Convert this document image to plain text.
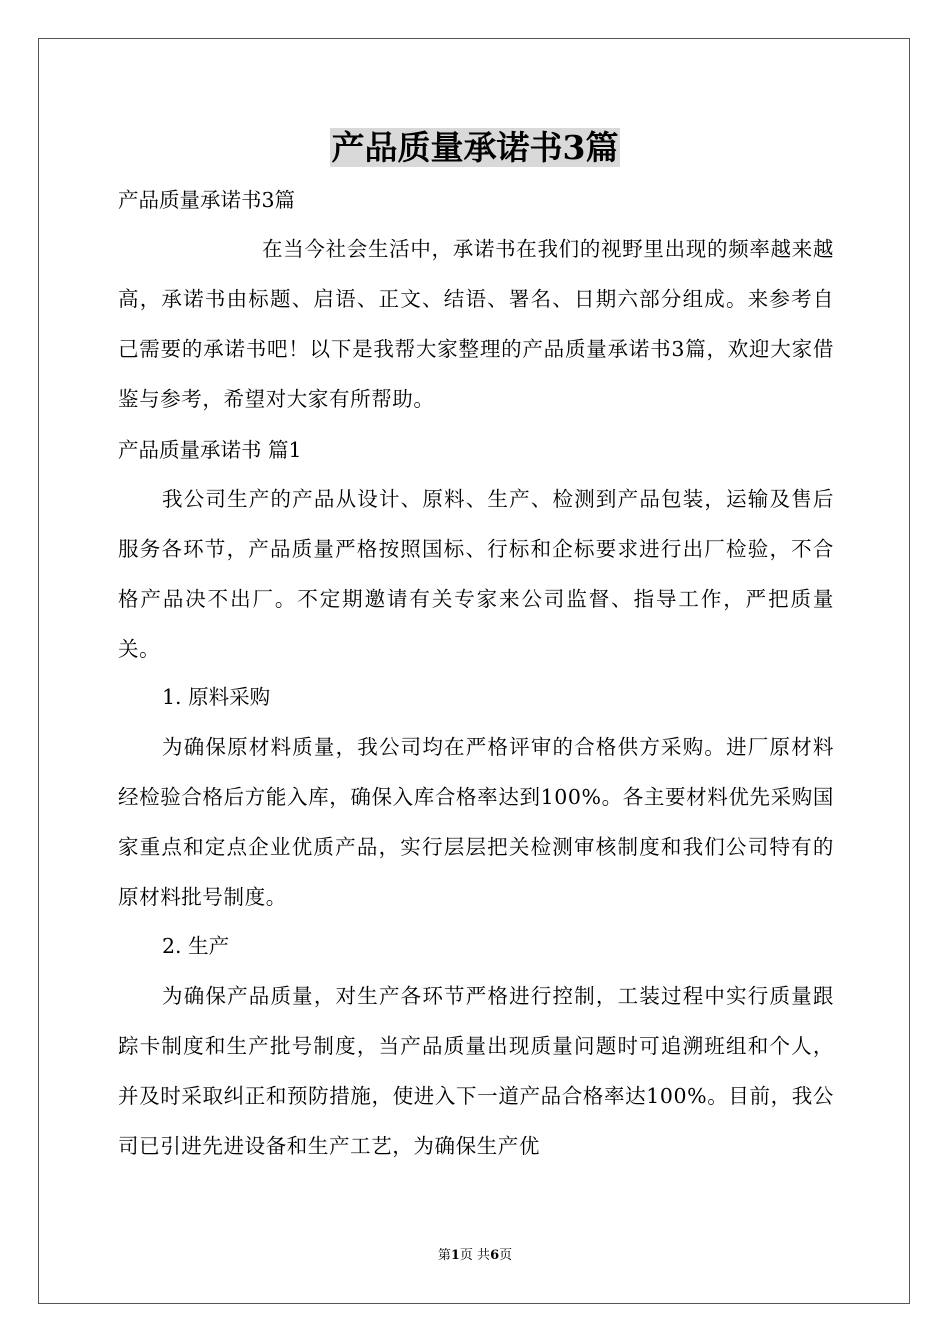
产品质量承诺书3篇
产品质量承诺书3篇
在当今社会生活中，承诺书在我们的视野里出现的频率越来越高，承诺书由标题、启语、正文、结语、署名、日期六部分组成。来参考自己需要的承诺书吧！以下是我帮大家整理的产品质量承诺书3篇，欢迎大家借鉴与参考，希望对大家有所帮助。
产品质量承诺书 篇1
我公司生产的产品从设计、原料、生产、检测到产品包装，运输及售后服务各环节，产品质量严格按照国标、行标和企标要求进行出厂检验，不合格产品决不出厂。不定期邀请有关专家来公司监督、指导工作，严把质量关。
1. 原料采购
为确保原材料质量，我公司均在严格评审的合格供方采购。进厂原材料经检验合格后方能入库，确保入库合格率达到100%。各主要材料优先采购国家重点和定点企业优质产品，实行层层把关检测审核制度和我们公司特有的原材料批号制度。
2. 生产
为确保产品质量，对生产各环节严格进行控制，工装过程中实行质量跟踪卡制度和生产批号制度，当产品质量出现质量问题时可追溯班组和个人，并及时采取纠正和预防措施，使进入下一道产品合格率达100%。目前，我公司已引进先进设备和生产工艺，为确保生产优
第1页 共6页
